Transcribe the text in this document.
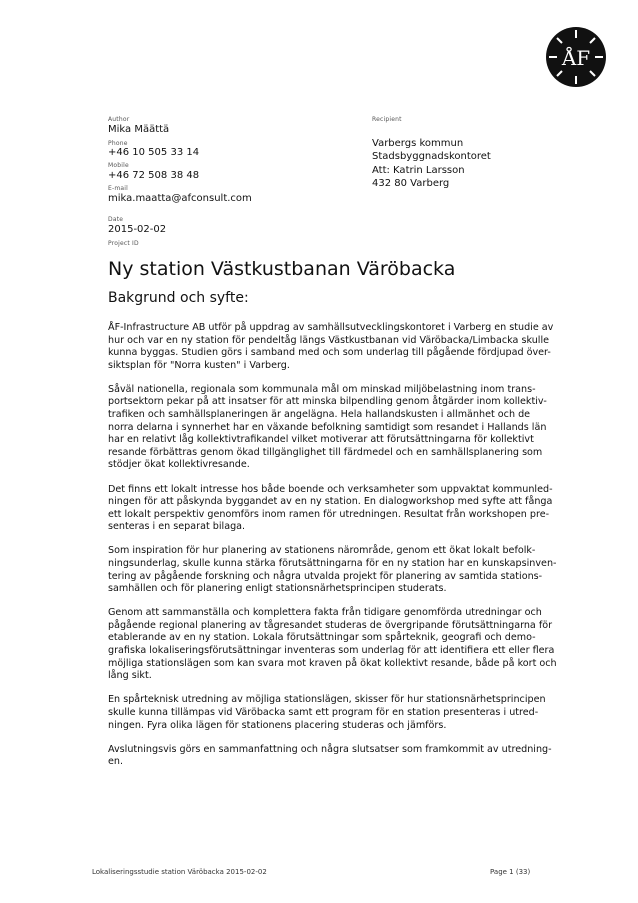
ÅF
Author
Mika Määttä
Phone
+46 10 505 33 14
Mobile
+46 72 508 38 48
E-mail
mika.maatta@afconsult.com
Date
2015-02-02
Project ID
Recipient
Varbergs kommun
Stadsbyggnadskontoret
Att: Katrin Larsson
432 80 Varberg
Ny station Västkustbanan Väröbacka
Bakgrund och syfte:

ÅF-Infrastructure AB utför på uppdrag av samhällsutvecklingskontoret i Varberg en studie av
hur och var en ny station för pendeltåg längs Västkustbanan vid Väröbacka/Limbacka skulle
kunna byggas. Studien görs i samband med och som underlag till pågående fördjupad över-
siktsplan för "Norra kusten" i Varberg.

Såväl nationella, regionala som kommunala mål om minskad miljöbelastning inom trans-
portsektorn pekar på att insatser för att minska bilpendling genom åtgärder inom kollektiv-
trafiken och samhällsplaneringen är angelägna. Hela hallandskusten i allmänhet och de
norra delarna i synnerhet har en växande befolkning samtidigt som resandet i Hallands län
har en relativt låg kollektivtrafikandel vilket motiverar att förutsättningarna för kollektivt
resande förbättras genom ökad tillgänglighet till färdmedel och en samhällsplanering som
stödjer ökat kollektivresande.

Det finns ett lokalt intresse hos både boende och verksamheter som uppvaktat kommunled-
ningen för att påskynda byggandet av en ny station. En dialogworkshop med syfte att fånga
ett lokalt perspektiv genomförs inom ramen för utredningen. Resultat från workshopen pre-
senteras i en separat bilaga.

Som inspiration för hur planering av stationens närområde, genom ett ökat lokalt befolk-
ningsunderlag, skulle kunna stärka förutsättningarna för en ny station har en kunskapsinven-
tering av pågående forskning och några utvalda projekt för planering av samtida stations-
samhällen och för planering enligt stationsnärhetsprincipen studerats.

Genom att sammanställa och komplettera fakta från tidigare genomförda utredningar och
pågående regional planering av tågresandet studeras de övergripande förutsättningarna för
etablerande av en ny station. Lokala förutsättningar som spårteknik, geografi och demo-
grafiska lokaliseringsförutsättningar inventeras som underlag för att identifiera ett eller flera
möjliga stationslägen som kan svara mot kraven på ökat kollektivt resande, både på kort och
lång sikt.

En spårteknisk utredning av möjliga stationslägen, skisser för hur stationsnärhetsprincipen
skulle kunna tillämpas vid Väröbacka samt ett program för en station presenteras i utred-
ningen. Fyra olika lägen för stationens placering studeras och jämförs.

Avslutningsvis görs en sammanfattning och några slutsatser som framkommit av utredning-
en.

Lokaliseringsstudie station Väröbacka 2015-02-02	Page 1 (33)
